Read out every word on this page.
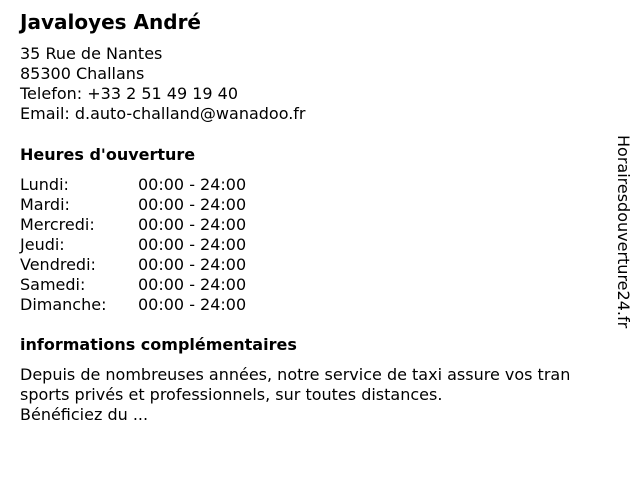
Javaloyes André
35 Rue de Nantes
85300 Challans
Telefon: +33 2 51 49 19 40
Email: d.auto-challand@wanadoo.fr
Heures d'ouverture
Lundi:	00:00 - 24:00
Mardi:	00:00 - 24:00
Mercredi:	00:00 - 24:00
Jeudi:	00:00 - 24:00
Vendredi:	00:00 - 24:00
Samedi:	00:00 - 24:00
Dimanche:	00:00 - 24:00
informations complémentaires
Depuis de nombreuses années, notre service de taxi assure vos tran
sports privés et professionnels, sur toutes distances.
Bénéficiez du ...
Horairesdouverture24.fr
